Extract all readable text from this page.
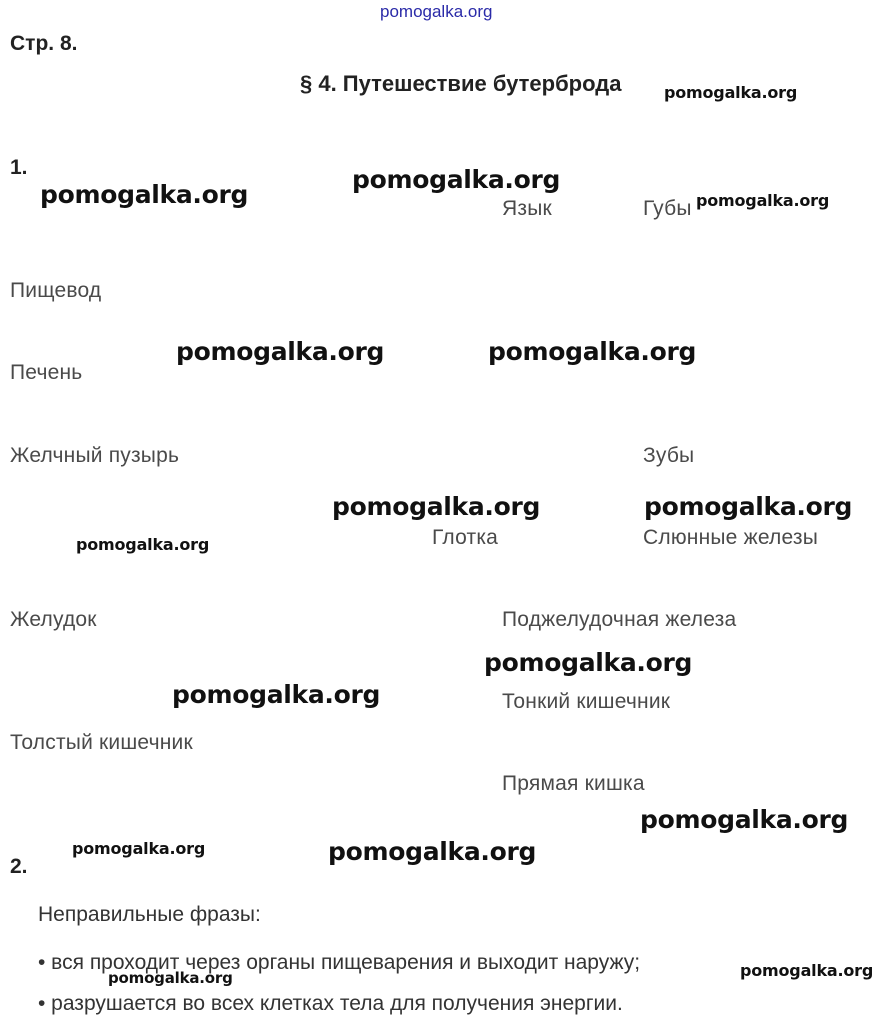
pomogalka.org
pomogalka.org
pomogalka.org
pomogalka.org	pomogalka.org
pomogalka.org	pomogalka.org
pomogalka.org	pomogalka.org
pomogalka.org
pomogalka.org
pomogalka.org
pomogalka.org
pomogalka.org	pomogalka.org
pomogalka.org
pomogalka.org
Стр. 8.
§ 4. Путешествие бутерброда
1.
Язык	Губы
Пищевод
Печень
Желчный пузырь	Зубы
Глотка	Слюнные железы
Желудок	Поджелудочная железа
Тонкий кишечник
Толстый кишечник
Прямая кишка
2.
Неправильные фразы:
• вся проходит через органы пищеварения и выходит наружу;
• разрушается во всех клетках тела для получения энергии.
